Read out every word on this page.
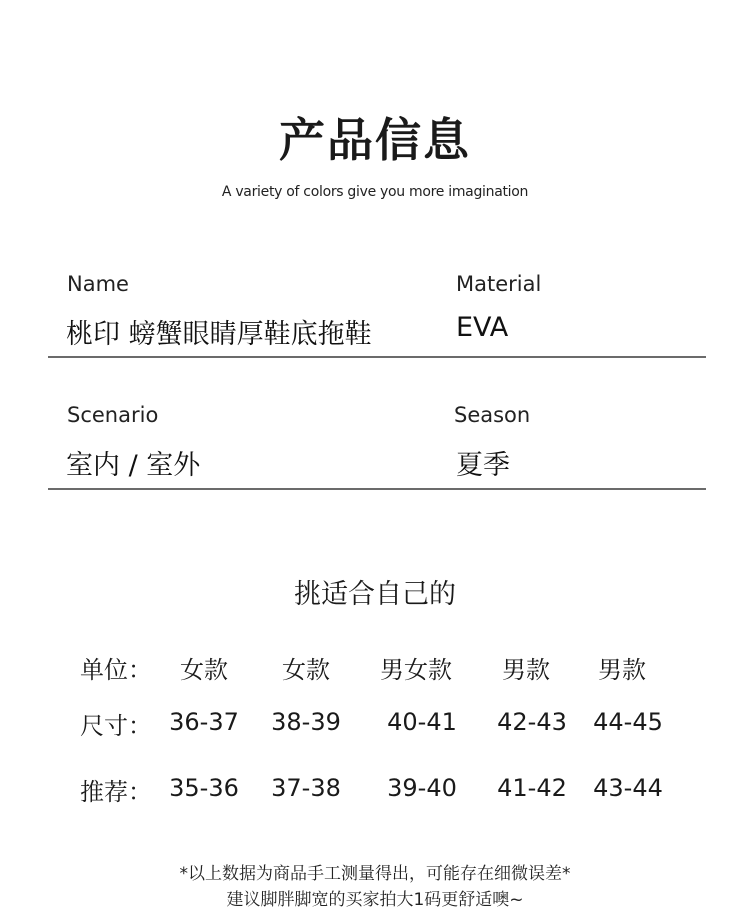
产品信息
A variety of colors give you more imagination
Name
桃印 螃蟹眼睛厚鞋底拖鞋
Material
EVA
Scenario
室内 / 室外
Season
夏季
挑适合自己的
单位：	女款	女款	男女款	男款	男款
尺寸： 36-37	38-39	40-41	42-43	44-45
推荐： 35-36	37-38	39-40	41-42	43-44
*以上数据为商品手工测量得出，可能存在细微误差*
建议脚胖脚宽的买家拍大1码更舒适噢~
